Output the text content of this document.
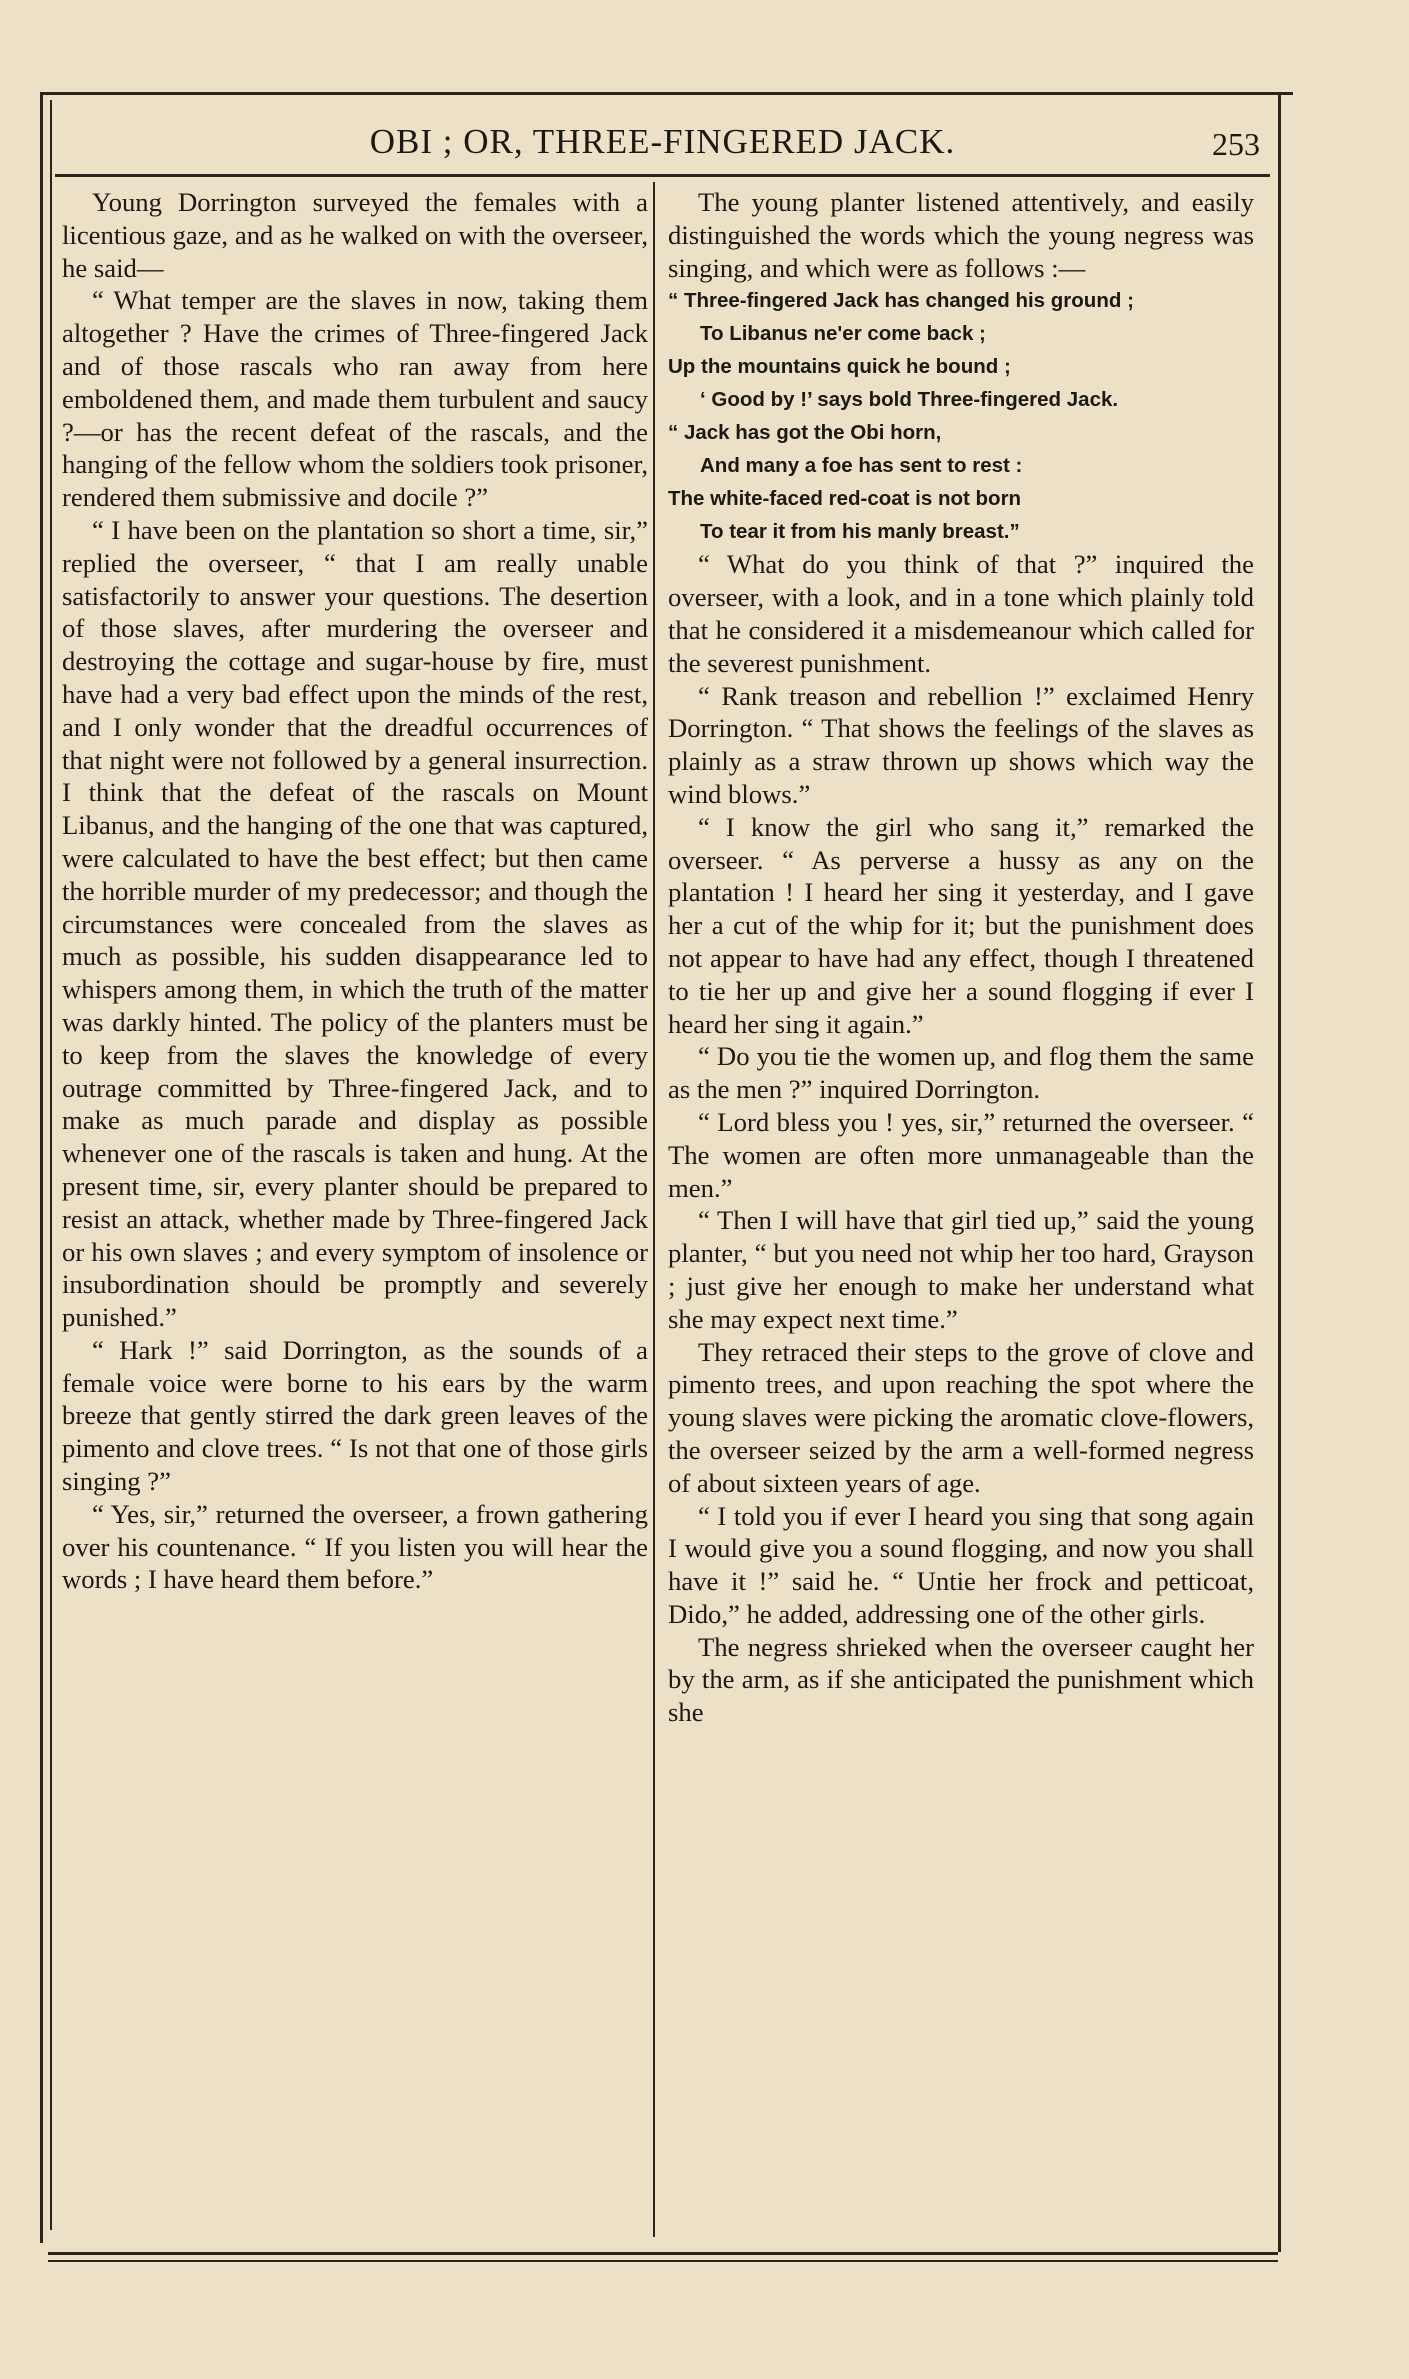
OBI ; OR, THREE-FINGERED JACK.	253

Young Dorrington surveyed the females with a licentious gaze, and as he walked on with the overseer, he said—

“ What temper are the slaves in now, taking them altogether ? Have the crimes of Three-fingered Jack and of those rascals who ran away from here emboldened them, and made them turbulent and saucy ?—or has the recent defeat of the rascals, and the hanging of the fellow whom the soldiers took prisoner, rendered them submissive and docile ?”

“ I have been on the plantation so short a time, sir,” replied the overseer, “ that I am really unable satisfactorily to answer your questions. The desertion of those slaves, after murdering the overseer and destroying the cottage and sugar-house by fire, must have had a very bad effect upon the minds of the rest, and I only wonder that the dreadful occurrences of that night were not followed by a general insurrection. I think that the defeat of the rascals on Mount Libanus, and the hanging of the one that was captured, were calculated to have the best effect; but then came the horrible murder of my predecessor; and though the circumstances were concealed from the slaves as much as possible, his sudden disappearance led to whispers among them, in which the truth of the matter was darkly hinted. The policy of the planters must be to keep from the slaves the knowledge of every outrage committed by Three-fingered Jack, and to make as much parade and display as possible whenever one of the rascals is taken and hung. At the present time, sir, every planter should be prepared to resist an attack, whether made by Three-fingered Jack or his own slaves ; and every symptom of insolence or insubordination should be promptly and severely punished.”

“ Hark !” said Dorrington, as the sounds of a female voice were borne to his ears by the warm breeze that gently stirred the dark green leaves of the pimento and clove trees. “ Is not that one of those girls singing ?”

“ Yes, sir,” returned the overseer, a frown gathering over his countenance. “ If you listen you will hear the words ; I have heard them before.”

The young planter listened attentively, and easily distinguished the words which the young negress was singing, and which were as follows :—

“ Three-fingered Jack has changed his ground ;
To Libanus ne'er come back ;
Up the mountains quick he bound ;
‘ Good by !’ says bold Three-fingered Jack.
“ Jack has got the Obi horn,
And many a foe has sent to rest :
The white-faced red-coat is not born
To tear it from his manly breast.”

“ What do you think of that ?” inquired the overseer, with a look, and in a tone which plainly told that he considered it a misdemeanour which called for the severest punishment.

“ Rank treason and rebellion !” exclaimed Henry Dorrington. “ That shows the feelings of the slaves as plainly as a straw thrown up shows which way the wind blows.”

“ I know the girl who sang it,” remarked the overseer. “ As perverse a hussy as any on the plantation ! I heard her sing it yesterday, and I gave her a cut of the whip for it; but the punishment does not appear to have had any effect, though I threatened to tie her up and give her a sound flogging if ever I heard her sing it again.”

“ Do you tie the women up, and flog them the same as the men ?” inquired Dorrington.

“ Lord bless you ! yes, sir,” returned the overseer. “ The women are often more unmanageable than the men.”

“ Then I will have that girl tied up,” said the young planter, “ but you need not whip her too hard, Grayson ; just give her enough to make her understand what she may expect next time.”

They retraced their steps to the grove of clove and pimento trees, and upon reaching the spot where the young slaves were picking the aromatic clove-flowers, the overseer seized by the arm a well-formed negress of about sixteen years of age.

“ I told you if ever I heard you sing that song again I would give you a sound flogging, and now you shall have it !” said he. “ Untie her frock and petticoat, Dido,” he added, addressing one of the other girls.

The negress shrieked when the overseer caught her by the arm, as if she anticipated the punishment which she
